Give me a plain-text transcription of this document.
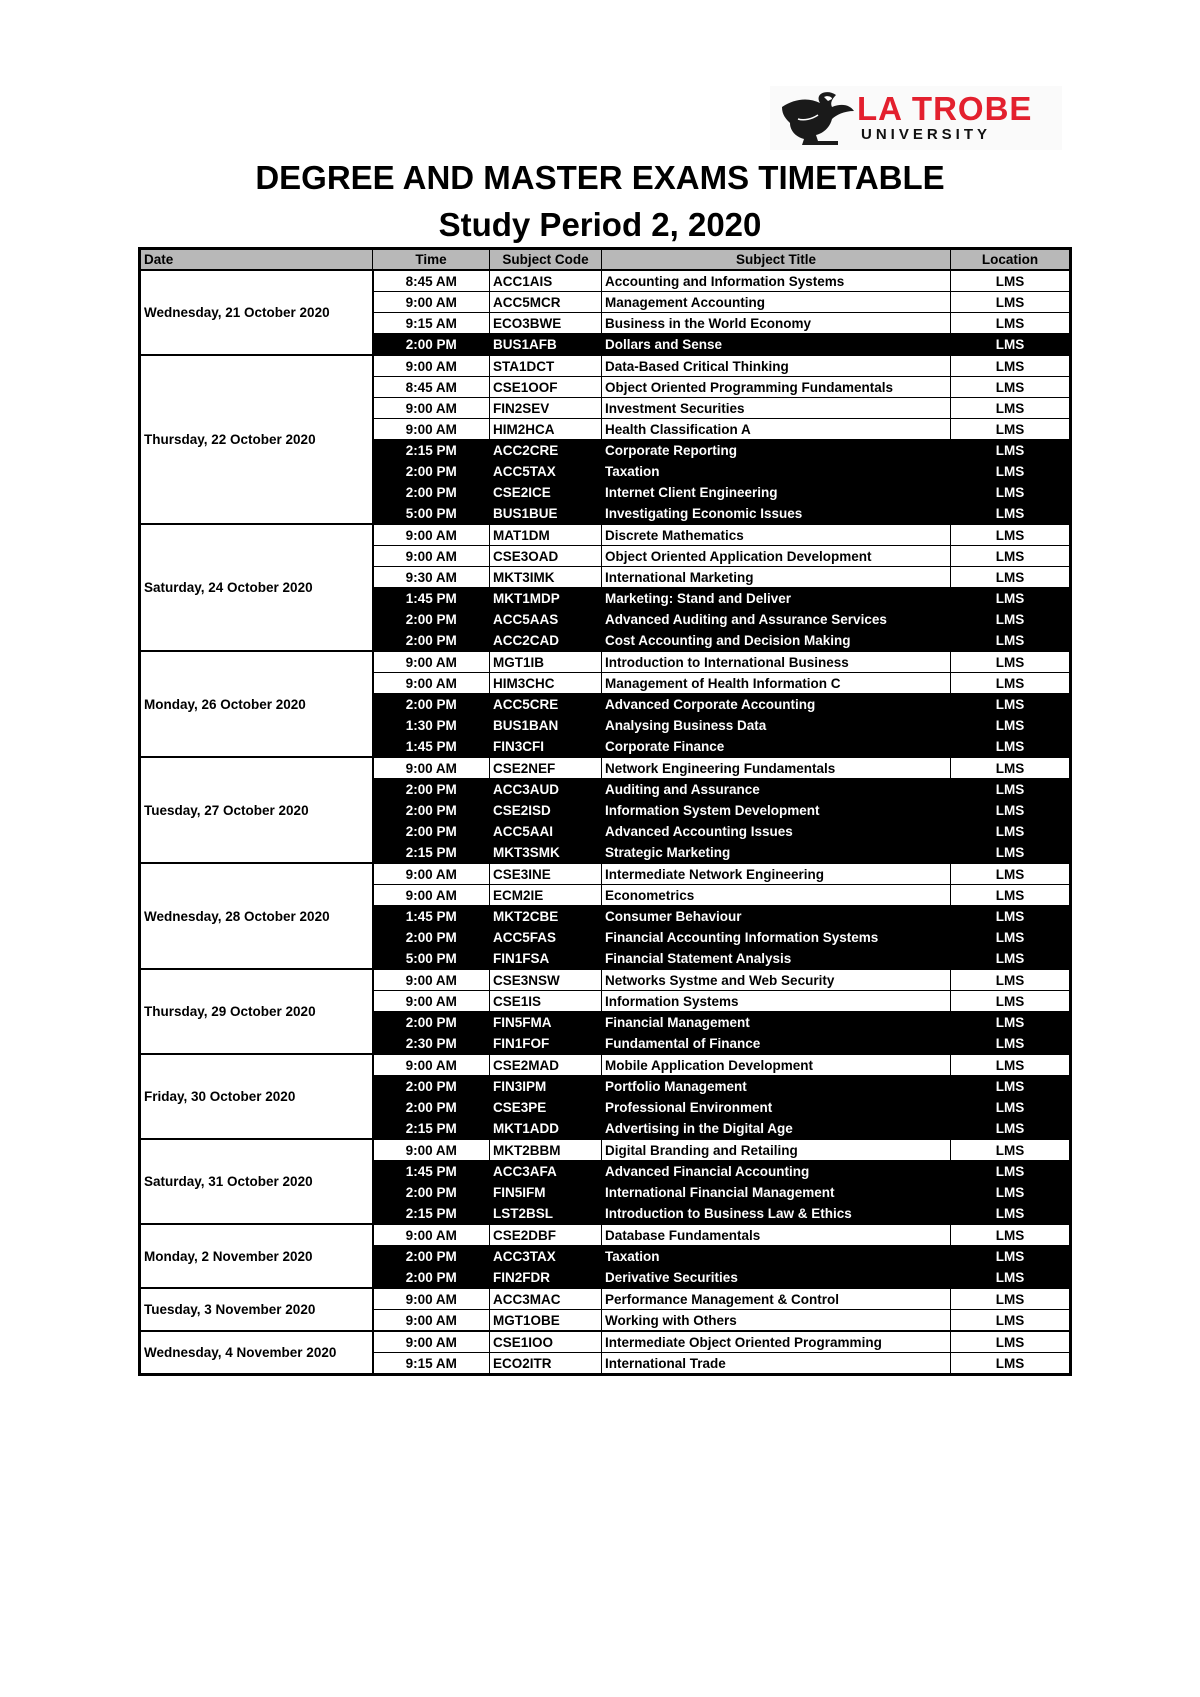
LA TROBE
UNIVERSITY
DEGREE AND MASTER EXAMS TIMETABLE
Study Period 2, 2020
Date	Time	Subject Code	Subject Title	Location
Wednesday, 21 October 2020	8:45 AM	ACC1AIS	Accounting and Information Systems	LMS
	9:00 AM	ACC5MCR	Management Accounting	LMS
	9:15 AM	ECO3BWE	Business in the World Economy	LMS
	2:00 PM	BUS1AFB	Dollars and Sense	LMS
Thursday, 22 October 2020	9:00 AM	STA1DCT	Data-Based Critical Thinking	LMS
	8:45 AM	CSE1OOF	Object Oriented Programming Fundamentals	LMS
	9:00 AM	FIN2SEV	Investment Securities	LMS
	9:00 AM	HIM2HCA	Health Classification A	LMS
	2:15 PM	ACC2CRE	Corporate Reporting	LMS
	2:00 PM	ACC5TAX	Taxation	LMS
	2:00 PM	CSE2ICE	Internet Client Engineering	LMS
	5:00 PM	BUS1BUE	Investigating Economic Issues	LMS
Saturday, 24 October 2020	9:00 AM	MAT1DM	Discrete Mathematics	LMS
	9:00 AM	CSE3OAD	Object Oriented Application Development	LMS
	9:30 AM	MKT3IMK	International Marketing	LMS
	1:45 PM	MKT1MDP	Marketing: Stand and Deliver	LMS
	2:00 PM	ACC5AAS	Advanced Auditing and Assurance Services	LMS
	2:00 PM	ACC2CAD	Cost Accounting and Decision Making	LMS
Monday, 26 October 2020	9:00 AM	MGT1IB	Introduction to International Business	LMS
	9:00 AM	HIM3CHC	Management of Health Information C	LMS
	2:00 PM	ACC5CRE	Advanced Corporate Accounting	LMS
	1:30 PM	BUS1BAN	Analysing Business Data	LMS
	1:45 PM	FIN3CFI	Corporate Finance	LMS
Tuesday, 27 October 2020	9:00 AM	CSE2NEF	Network Engineering Fundamentals	LMS
	2:00 PM	ACC3AUD	Auditing and Assurance	LMS
	2:00 PM	CSE2ISD	Information System Development	LMS
	2:00 PM	ACC5AAI	Advanced Accounting Issues	LMS
	2:15 PM	MKT3SMK	Strategic Marketing	LMS
Wednesday, 28 October 2020	9:00 AM	CSE3INE	Intermediate Network Engineering	LMS
	9:00 AM	ECM2IE	Econometrics	LMS
	1:45 PM	MKT2CBE	Consumer Behaviour	LMS
	2:00 PM	ACC5FAS	Financial Accounting Information Systems	LMS
	5:00 PM	FIN1FSA	Financial Statement Analysis	LMS
Thursday, 29 October 2020	9:00 AM	CSE3NSW	Networks Systme and Web Security	LMS
	9:00 AM	CSE1IS	Information Systems	LMS
	2:00 PM	FIN5FMA	Financial Management	LMS
	2:30 PM	FIN1FOF	Fundamental of Finance	LMS
Friday, 30 October 2020	9:00 AM	CSE2MAD	Mobile Application Development	LMS
	2:00 PM	FIN3IPM	Portfolio Management	LMS
	2:00 PM	CSE3PE	Professional Environment	LMS
	2:15 PM	MKT1ADD	Advertising in the Digital Age	LMS
Saturday, 31 October 2020	9:00 AM	MKT2BBM	Digital Branding and Retailing	LMS
	1:45 PM	ACC3AFA	Advanced Financial Accounting	LMS
	2:00 PM	FIN5IFM	International Financial Management	LMS
	2:15 PM	LST2BSL	Introduction to Business Law & Ethics	LMS
Monday, 2 November 2020	9:00 AM	CSE2DBF	Database Fundamentals	LMS
	2:00 PM	ACC3TAX	Taxation	LMS
	2:00 PM	FIN2FDR	Derivative Securities	LMS
Tuesday, 3 November 2020	9:00 AM	ACC3MAC	Performance Management & Control	LMS
	9:00 AM	MGT1OBE	Working with Others	LMS
Wednesday, 4 November 2020	9:00 AM	CSE1IOO	Intermediate Object Oriented Programming	LMS
	9:15 AM	ECO2ITR	International Trade	LMS
